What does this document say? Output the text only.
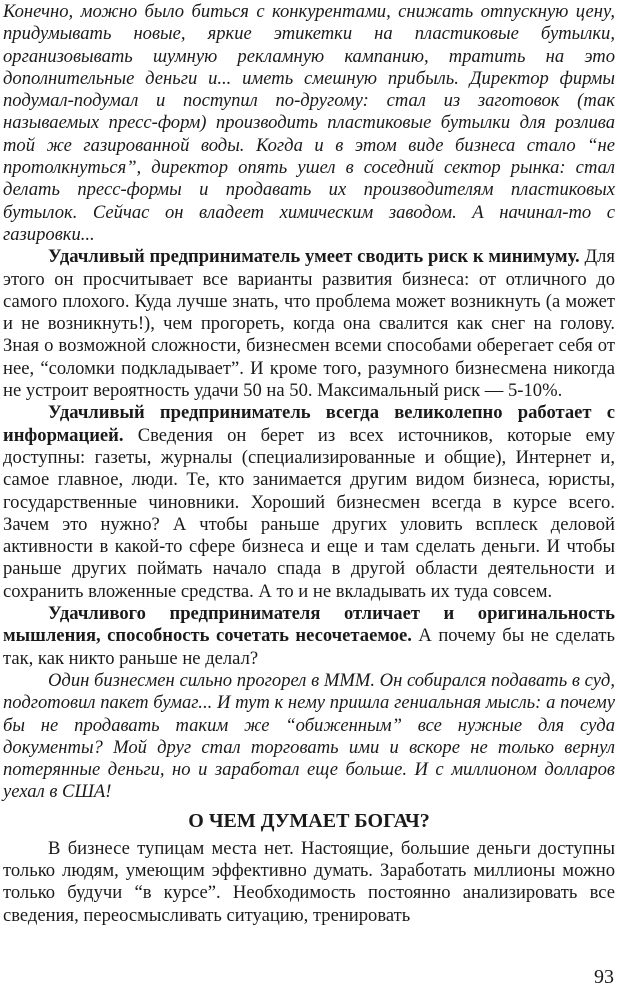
Конечно, можно было биться с конкурентами, снижать отпускную цену, придумывать новые, яркие этикетки на пластиковые бутылки, организовывать шумную рекламную кампанию, тратить на это дополнительные деньги и... иметь смешную прибыль. Директор фирмы подумал-подумал и поступил по-другому: стал из заготовок (так называемых пресс-форм) производить пластиковые бутылки для розлива той же газированной воды. Когда и в этом виде бизнеса стало “не протолкнуться”, директор опять ушел в соседний сектор рынка: стал делать пресс-формы и продавать их производителям пластиковых бутылок. Сейчас он владеет химическим заводом. А начинал-то с газировки...

Удачливый предприниматель умеет сводить риск к минимуму. Для этого он просчитывает все варианты развития бизнеса: от отличного до самого плохого. Куда лучше знать, что проблема может возникнуть (а может и не возникнуть!), чем прогореть, когда она свалится как снег на голову. Зная о возможной сложности, бизнесмен всеми способами оберегает себя от нее, “соломки подкладывает”. И кроме того, разумного бизнесмена никогда не устроит вероятность удачи 50 на 50. Максимальный риск — 5-10%.

Удачливый предприниматель всегда великолепно работает с информацией. Сведения он берет из всех источников, которые ему доступны: газеты, журналы (специализированные и общие), Интернет и, самое главное, люди. Те, кто занимается другим видом бизнеса, юристы, государственные чиновники. Хороший бизнесмен всегда в курсе всего. Зачем это нужно? А чтобы раньше других уловить всплеск деловой активности в какой-то сфере бизнеса и еще и там сделать деньги. И чтобы раньше других поймать начало спада в другой области деятельности и сохранить вложенные средства. А то и не вкладывать их туда совсем.

Удачливого предпринимателя отличает и оригинальность мышления, способность сочетать несочетаемое. А почему бы не сделать так, как никто раньше не делал?

Один бизнесмен сильно прогорел в МММ. Он собирался подавать в суд, подготовил пакет бумаг... И тут к нему пришла гениальная мысль: а почему бы не продавать таким же “обиженным” все нужные для суда документы? Мой друг стал торговать ими и вскоре не только вернул потерянные деньги, но и заработал еще больше. И с миллионом долларов уехал в США!

О ЧЕМ ДУМАЕТ БОГАЧ?

В бизнесе тупицам места нет. Настоящие, большие деньги доступны только людям, умеющим эффективно думать. Заработать миллионы можно только будучи “в курсе”. Необходимость постоянно анализировать все сведения, переосмысливать ситуацию, тренировать

93
